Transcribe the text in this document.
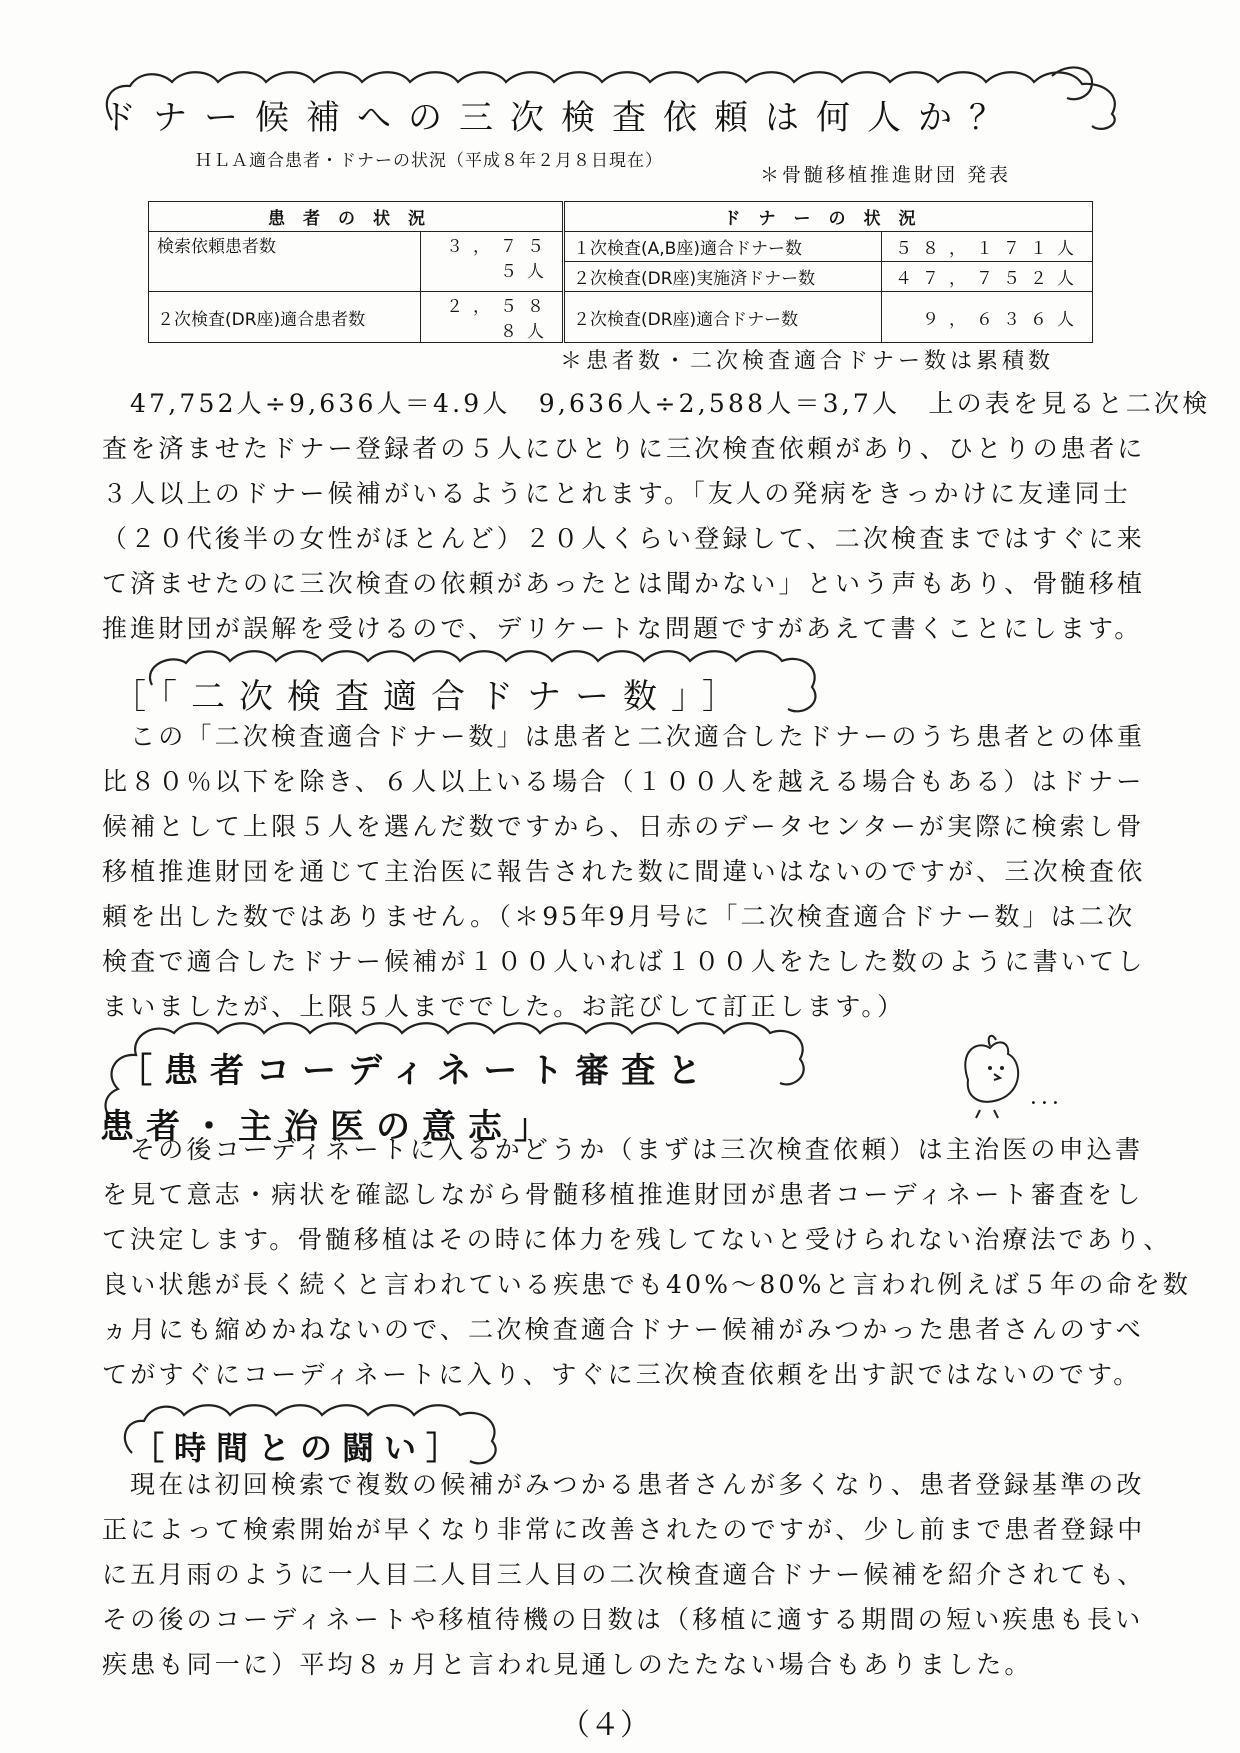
ドナー候補への三次検査依頼は何人か？
ＨＬＡ適合患者・ドナーの状況（平成８年２月８日現在）
＊骨髄移植推進財団 発表
患者の状況		ドナーの状況	
検索依頼患者数	３，７５５人	１次検査(A,B座)適合ドナー数	５８，１７１人
		２次検査(DR座)実施済ドナー数	４７，７５２人
２次検査(DR座)適合患者数	２，５８８人	２次検査(DR座)適合ドナー数	９，６３６人
＊患者数・二次検査適合ドナー数は累積数

47,752人÷9,636人＝4.9人　9,636人÷2,588人＝3,7人　上の表を見ると二次検

査を済ませたドナー登録者の５人にひとりに三次検査依頼があり、ひとりの患者に

３人以上のドナー候補がいるようにとれます。「友人の発病をきっかけに友達同士

（２０代後半の女性がほとんど）２０人くらい登録して、二次検査まではすぐに来

て済ませたのに三次検査の依頼があったとは聞かない」という声もあり、骨髄移植

推進財団が誤解を受けるので、デリケートな問題ですがあえて書くことにします。

［「二次検査適合ドナー数」］

この「二次検査適合ドナー数」は患者と二次適合したドナーのうち患者との体重

比８０％以下を除き、６人以上いる場合（１００人を越える場合もある）はドナー

候補として上限５人を選んだ数ですから、日赤のデータセンターが実際に検索し骨

移植推進財団を通じて主治医に報告された数に間違いはないのですが、三次検査依

頼を出した数ではありません。（＊95年9月号に「二次検査適合ドナー数」は二次

検査で適合したドナー候補が１００人いれば１００人をたした数のように書いてし

まいましたが、上限５人まででした。お詫びして訂正します。）

［患者コーディネート審査と
患者・主治医の意志」
．．．

その後コーディネートに入るかどうか（まずは三次検査依頼）は主治医の申込書

を見て意志・病状を確認しながら骨髄移植推進財団が患者コーディネート審査をし

て決定します。骨髄移植はその時に体力を残してないと受けられない治療法であり、

良い状態が長く続くと言われている疾患でも40%〜80%と言われ例えば５年の命を数

ヵ月にも縮めかねないので、二次検査適合ドナー候補がみつかった患者さんのすべ

てがすぐにコーディネートに入り、すぐに三次検査依頼を出す訳ではないのです。

［時間との闘い］

現在は初回検索で複数の候補がみつかる患者さんが多くなり、患者登録基準の改

正によって検索開始が早くなり非常に改善されたのですが、少し前まで患者登録中

に五月雨のように一人目二人目三人目の二次検査適合ドナー候補を紹介されても、

その後のコーディネートや移植待機の日数は（移植に適する期間の短い疾患も長い

疾患も同一に）平均８ヵ月と言われ見通しのたたない場合もありました。

（４）
